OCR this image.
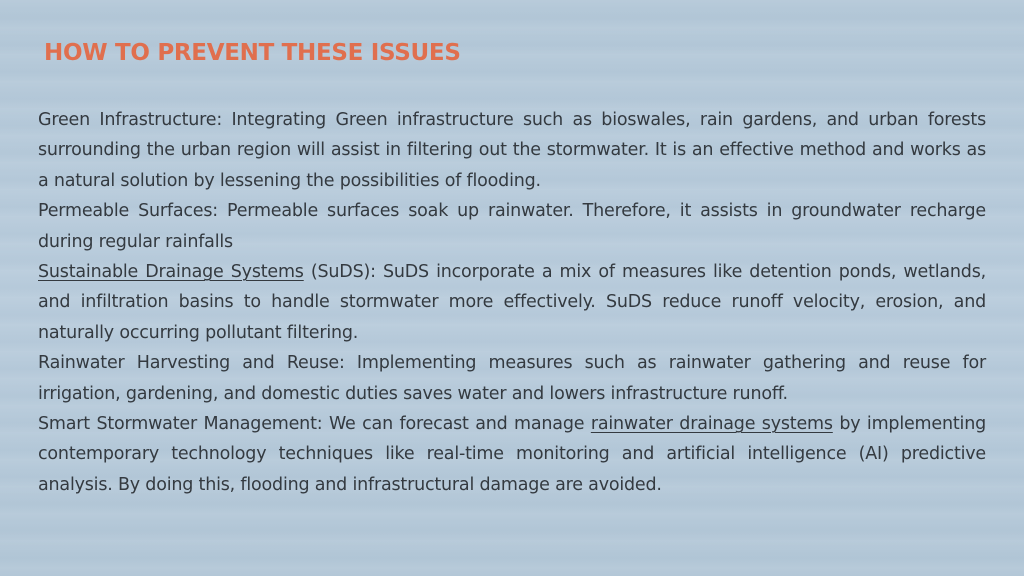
HOW TO PREVENT THESE ISSUES

Green Infrastructure: Integrating Green infrastructure such as bioswales, rain gardens, and urban forests surrounding the urban region will assist in filtering out the stormwater. It is an effective method and works as a natural solution by lessening the possibilities of flooding.

Permeable Surfaces: Permeable surfaces soak up rainwater. Therefore, it assists in groundwater recharge during regular rainfalls

Sustainable Drainage Systems (SuDS): SuDS incorporate a mix of measures like detention ponds, wetlands, and infiltration basins to handle stormwater more effectively. SuDS reduce runoff velocity, erosion, and naturally occurring pollutant filtering.

Rainwater Harvesting and Reuse: Implementing measures such as rainwater gathering and reuse for irrigation, gardening, and domestic duties saves water and lowers infrastructure runoff.

Smart Stormwater Management: We can forecast and manage rainwater drainage systems by implementing contemporary technology techniques like real-time monitoring and artificial intelligence (AI) predictive analysis. By doing this, flooding and infrastructural damage are avoided.
